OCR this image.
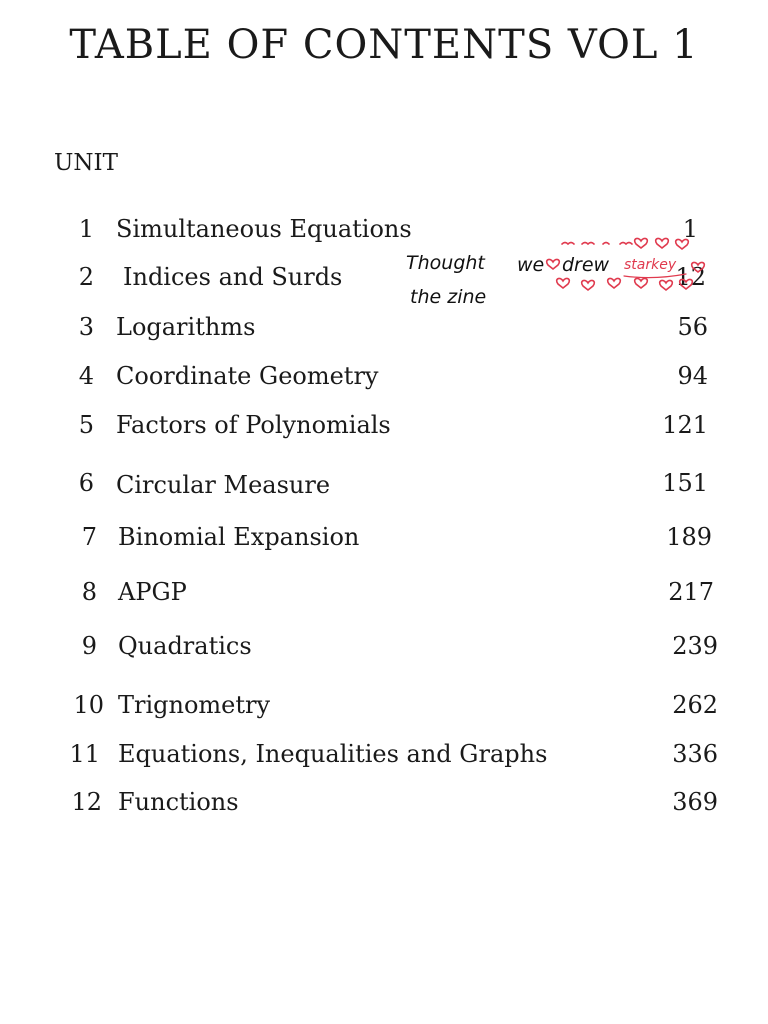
TABLE OF CONTENTS VOL 1
UNIT
1 Simultaneous Equations	1
2 Indices and Surds	12
3 Logarithms	56
4 Coordinate Geometry	94
5 Factors of Polynomials	121
6 Circular Measure	151
7 Binomial Expansion	189
8 APGP	217
9 Quadratics	239
10 Trignometry	262
11 Equations, Inequalities and Graphs	336
12 Functions	369
Thought we drew starkey
the zine
